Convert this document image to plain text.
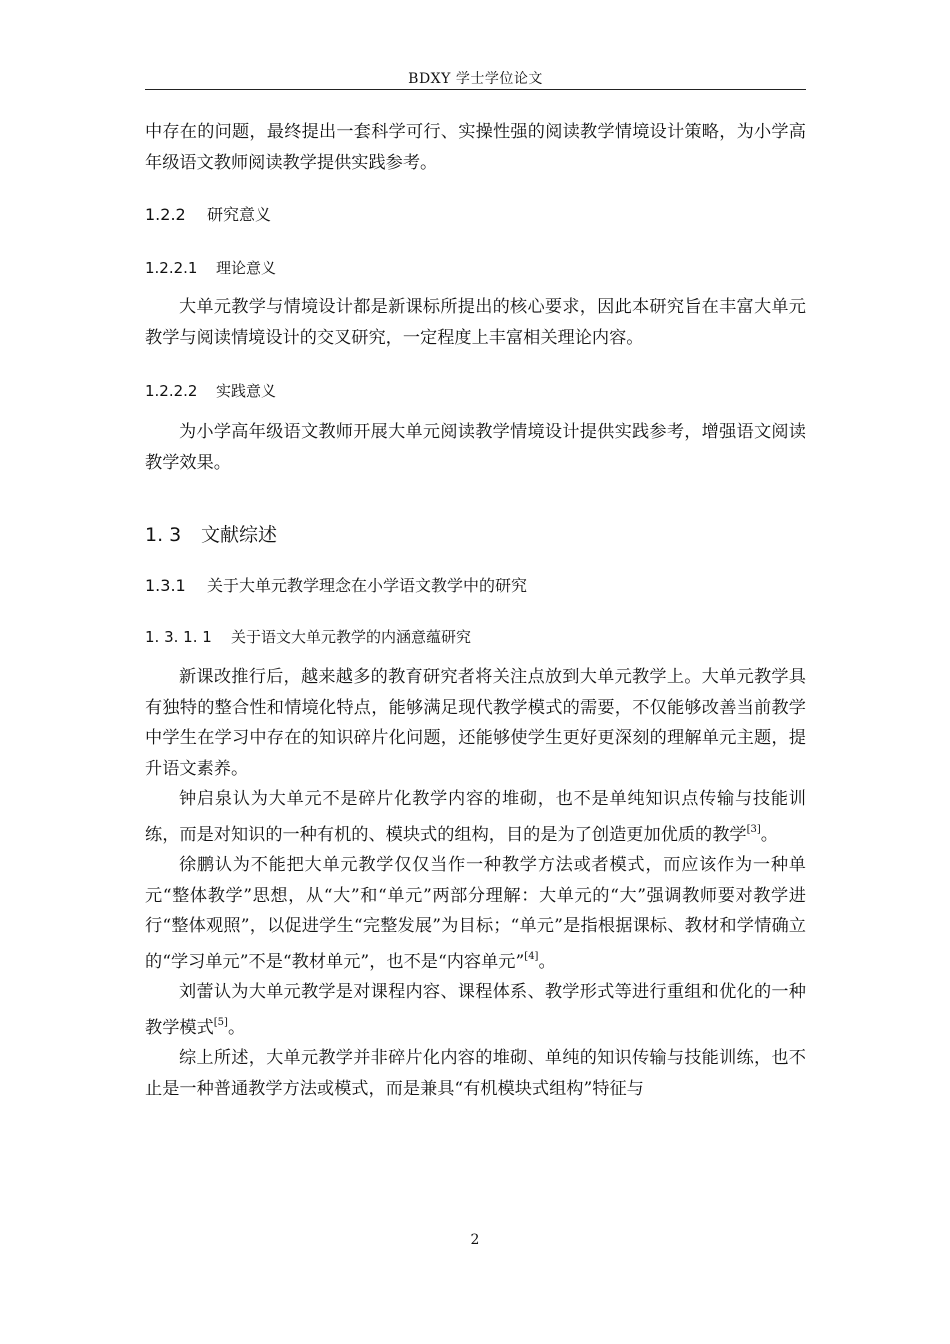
BDXY 学士学位论文

中存在的问题，最终提出一套科学可行、实操性强的阅读教学情境设计策略，为小学高年级语文教师阅读教学提供实践参考。

1.2.2 研究意义

1.2.2.1 理论意义

大单元教学与情境设计都是新课标所提出的核心要求，因此本研究旨在丰富大单元教学与阅读情境设计的交叉研究，一定程度上丰富相关理论内容。

1.2.2.2 实践意义

为小学高年级语文教师开展大单元阅读教学情境设计提供实践参考，增强语文阅读教学效果。

1. 3 文献综述

1.3.1 关于大单元教学理念在小学语文教学中的研究

1. 3. 1. 1 关于语文大单元教学的内涵意蕴研究

新课改推行后，越来越多的教育研究者将关注点放到大单元教学上。大单元教学具有独特的整合性和情境化特点，能够满足现代教学模式的需要，不仅能够改善当前教学中学生在学习中存在的知识碎片化问题，还能够使学生更好更深刻的理解单元主题，提升语文素养。

钟启泉认为大单元不是碎片化教学内容的堆砌，也不是单纯知识点传输与技能训练，而是对知识的一种有机的、模块式的组构，目的是为了创造更加优质的教学[3]。

徐鹏认为不能把大单元教学仅仅当作一种教学方法或者模式，而应该作为一种单元“整体教学”思想，从“大”和“单元”两部分理解：大单元的“大”强调教师要对教学进行“整体观照”，以促进学生“完整发展”为目标；“单元”是指根据课标、教材和学情确立的“学习单元”不是“教材单元”，也不是“内容单元”[4]。

刘蕾认为大单元教学是对课程内容、课程体系、教学形式等进行重组和优化的一种教学模式[5]。

综上所述，大单元教学并非碎片化内容的堆砌、单纯的知识传输与技能训练，也不止是一种普通教学方法或模式，而是兼具“有机模块式组构”特征与

2
